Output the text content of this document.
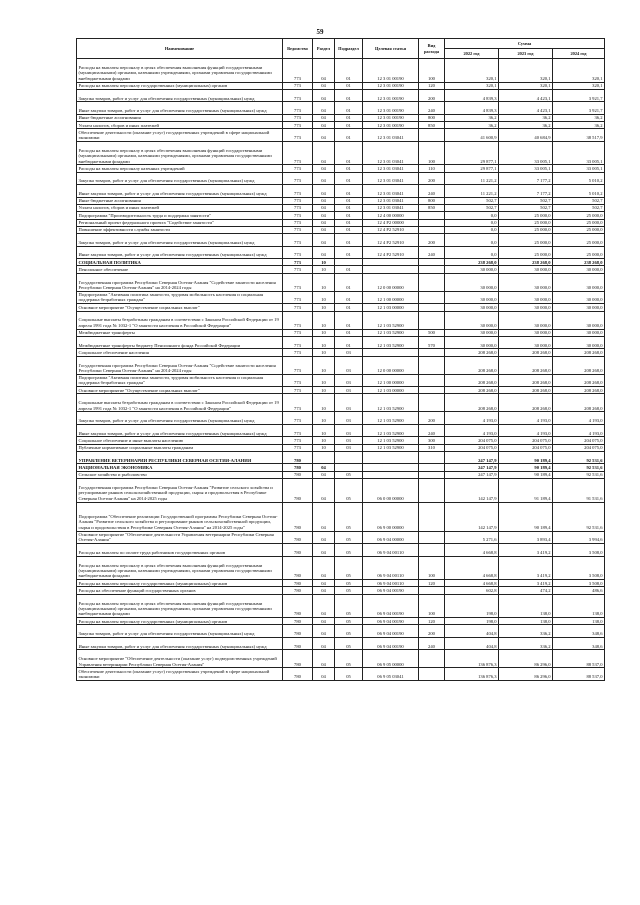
59
Наименование	Ведомство	Раздел	Подраздел	Целевая статья	Вид расхода	Сумма		
						2022 год	2023 год	2024 год
Расходы на выплаты персоналу в целях обеспечения выполнения функций государственными (муниципальными) органами, казенными учреждениями, органами управления государственными внебюджетными фондами	773	04	01	12 3 01 00190	100	320,1	320,1	320,1
Расходы на выплаты персоналу государственных (муниципальных) органов	773	04	01	12 3 01 00190	120	320,1	320,1	320,1
Закупка товаров, работ и услуг для обеспечения государственных (муниципальных) нужд	773	04	01	12 3 01 00190	200	4 839,3	4 423,1	3 921,7
Иные закупки товаров, работ и услуг для обеспечения государственных (муниципальных) нужд	773	04	01	12 3 01 00190	240	4 839,3	4 423,1	3 921,7
Иные бюджетные ассигнования	773	04	01	12 3 01 00190	800	36,2	36,2	36,2
Уплата налогов, сборов и иных платежей	773	04	01	12 3 01 00190	850	36,2	36,2	36,2
Обеспечение деятельности (оказание услуг) государственных учреждений в сфере национальной экономики	773	04	01	12 3 01 03041		41 600,9	40 684,9	38 517,9
Расходы на выплаты персоналу в целях обеспечения выполнения функций государственными (муниципальными) органами, казенными учреждениями, органами управления государственными внебюджетными фондами	773	04	01	12 3 01 03041	100	29 877,1	33 005,1	33 005,1
Расходы на выплаты персоналу казенных учреждений	773	04	01	12 3 01 03041	110	29 877,1	33 005,1	33 005,1
Закупка товаров, работ и услуг для обеспечения государственных (муниципальных) нужд	773	04	01	12 3 01 03041	200	11 221,2	7 177,2	5 010,2
Иные закупки товаров, работ и услуг для обеспечения государственных (муниципальных) нужд	773	04	01	12 3 01 03041	240	11 221,2	7 177,2	5 010,2
Иные бюджетные ассигнования	773	04	01	12 3 01 03041	800	502,7	502,7	502,7
Уплата налогов, сборов и иных платежей	773	04	01	12 3 01 03041	850	502,7	502,7	502,7
Подпрограмма "Производительность труда и поддержка занятости"	773	04	01	12 4 00 00000		0,0	25 000,0	25 000,0
Региональный проект федерального проекта "Содействие занятости"	773	04	01	12 4 P2 00000		0,0	25 000,0	25 000,0
Повышение эффективности службы занятости	773	04	01	12 4 P2 52910		0,0	25 000,0	25 000,0
Закупка товаров, работ и услуг для обеспечения государственных (муниципальных) нужд	773	04	01	12 4 P2 52910	200	0,0	25 000,0	25 000,0
Иные закупки товаров, работ и услуг для обеспечения государственных (муниципальных) нужд	773	04	01	12 4 P2 52910	240	0,0	25 000,0	25 000,0
СОЦИАЛЬНАЯ ПОЛИТИКА	773	10				238 268,0	238 268,0	238 268,0
Пенсионное обеспечение	773	10	01			30 000,0	30 000,0	30 000,0
Государственная программа Республики Северная Осетия-Алания "Содействие занятости населения Республики Северная Осетия-Алания" на 2014-2024 годы	773	10	01	12 0 00 00000		30 000,0	30 000,0	30 000,0
Подпрограмма "Активная политика занятости, трудовая мобильность населения и социальная поддержка безработных граждан"	773	10	01	12 1 00 00000		30 000,0	30 000,0	30 000,0
Основное мероприятие "Осуществление социальных выплат"	773	10	01	12 1 03 00000		30 000,0	30 000,0	30 000,0
Социальные выплаты безработным гражданам в соответствии с Законом Российской Федерации от 19 апреля 1991 года № 1032-1 "О занятости населения в Российской Федерации"	773	10	01	12 1 03 52900		30 000,0	30 000,0	30 000,0
Межбюджетные трансферты	773	10	01	12 1 03 52900	500	30 000,0	30 000,0	30 000,0
Межбюджетные трансферты бюджету Пенсионного фонда Российской Федерации	773	10	01	12 1 03 52900	570	30 000,0	30 000,0	30 000,0
Социальное обеспечение населения	773	10	03			208 268,0	208 268,0	208 268,0
Государственная программа Республики Северная Осетия-Алания "Содействие занятости населения Республики Северная Осетия-Алания" на 2014-2024 годы	773	10	03	12 0 00 00000		208 268,0	208 268,0	208 268,0
Подпрограмма "Активная политика занятости, трудовая мобильность населения и социальная поддержка безработных граждан"	773	10	03	12 1 00 00000		208 268,0	208 268,0	208 268,0
Основное мероприятие "Осуществление социальных выплат"	773	10	03	12 1 03 00000		208 268,0	208 268,0	208 268,0
Социальные выплаты безработным гражданам в соответствии с Законом Российской Федерации от 19 апреля 1991 года № 1032-1 "О занятости населения в Российской Федерации"	773	10	03	12 1 03 52900		208 268,0	208 268,0	208 268,0
Закупка товаров, работ и услуг для обеспечения государственных (муниципальных) нужд	773	10	03	12 1 03 52900	200	4 193,0	4 193,0	4 193,0
Иные закупки товаров, работ и услуг для обеспечения государственных (муниципальных) нужд	773	10	03	12 1 03 52900	240	4 193,0	4 193,0	4 193,0
Социальное обеспечение и иные выплаты населению	773	10	03	12 1 03 52900	300	204 075,0	204 075,0	204 075,0
Публичные нормативные социальные выплаты гражданам	773	10	03	12 1 03 52900	310	204 075,0	204 075,0	204 075,0
УПРАВЛЕНИЕ ВЕТЕРИНАРИИ РЕСПУБЛИКИ СЕВЕРНАЯ ОСЕТИЯ-АЛАНИЯ	780					247 147,9	90 189,4	92 531,6
НАЦИОНАЛЬНАЯ ЭКОНОМИКА	780	04				247 147,9	90 189,4	92 531,6
Сельское хозяйство и рыболовство	780	04	05			247 147,9	90 189,4	92 531,6
Государственная программа Республики Северная Осетия-Алания "Развитие сельского хозяйства и регулирование рынков сельскохозяйственной продукции, сырья и продовольствия в Республике Северная Осетия-Алания" на 2014-2025 годы	780	04	05	06 0 00 00000		142 147,9	91 189,4	91 531,6
Подпрограмма "Обеспечение реализации Государственной программы Республики Северная Осетия-Алания "Развитие сельского хозяйства и регулирование рынков сельскохозяйственной продукции, сырья и продовольствия в Республике Северная Осетия-Алания" на 2014-2025 годы"	780	04	05	06 9 00 00000		142 147,9	90 189,4	92 531,6
Основное мероприятие "Обеспечение деятельности Управления ветеринарии Республики Северная Осетия-Алания"	780	04	05	06 9 04 00000		5 271,6	3 893,4	3 994,6
Расходы на выплаты по оплате труда работников государственных органов	780	04	05	06 9 04 00110		4 668,8	3 419,2	3 508,0
Расходы на выплаты персоналу в целях обеспечения выполнения функций государственными (муниципальными) органами, казенными учреждениями, органами управления государственными внебюджетными фондами	780	04	05	06 9 04 00110	100	4 668,8	3 419,2	3 508,0
Расходы на выплаты персоналу государственных (муниципальных) органов	780	04	05	06 9 04 00110	120	4 668,8	3 419,2	3 508,0
Расходы на обеспечение функций государственных органов	780	04	05	06 9 04 00190		602,8	474,2	486,6
Расходы на выплаты персоналу в целях обеспечения выполнения функций государственными (муниципальными) органами, казенными учреждениями, органами управления государственными внебюджетными фондами	780	04	05	06 9 04 00190	100	198,0	138,0	138,0
Расходы на выплаты персоналу государственных (муниципальных) органов	780	04	05	06 9 04 00190	120	198,0	138,0	138,0
Закупка товаров, работ и услуг для обеспечения государственных (муниципальных) нужд	780	04	05	06 9 04 00190	200	404,8	336,2	348,6
Иные закупки товаров, работ и услуг для обеспечения государственных (муниципальных) нужд	780	04	05	06 9 04 00190	240	404,8	336,2	348,6
Основное мероприятие "Обеспечение деятельности (оказание услуг) подведомственных учреждений Управления ветеринарии Республики Северная Осетия-Алания"	780	04	05	06 9 05 00000		136 876,3	86 296,0	88 537,0
Обеспечение деятельности (оказание услуг) государственных учреждений в сфере национальной экономики	780	04	05	06 9 05 03041		136 876,3	86 296,0	88 537,0
